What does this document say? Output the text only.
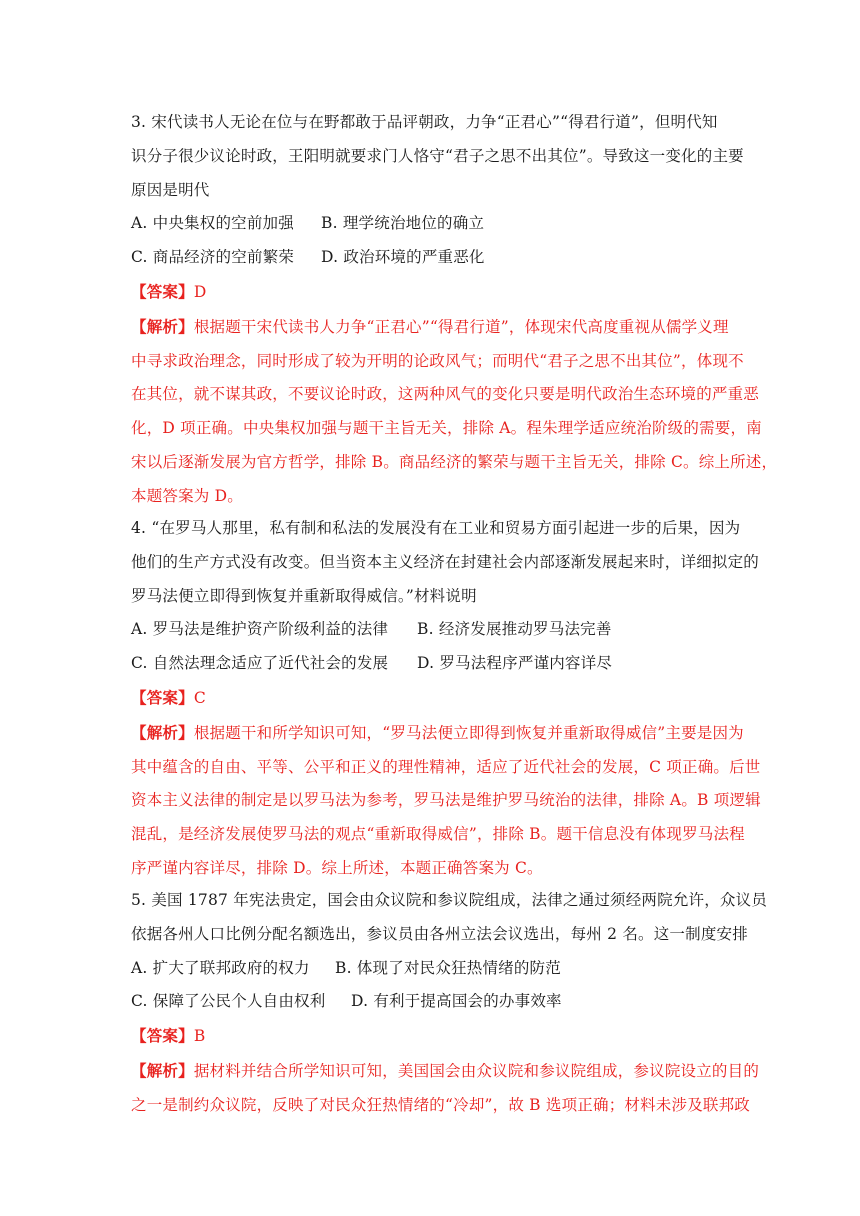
3. 宋代读书人无论在位与在野都敢于品评朝政，力争“正君心”“得君行道”，但明代知
识分子很少议论时政，王阳明就要求门人恪守“君子之思不出其位”。导致这一变化的主要
原因是明代
A. 中央集权的空前加强 B. 理学统治地位的确立
C. 商品经济的空前繁荣 D. 政治环境的严重恶化
【答案】D
【解析】根据题干宋代读书人力争“正君心”“得君行道”，体现宋代高度重视从儒学义理
中寻求政治理念，同时形成了较为开明的论政风气；而明代“君子之思不出其位”，体现不
在其位，就不谋其政，不要议论时政，这两种风气的变化只要是明代政治生态环境的严重恶
化，D 项正确。中央集权加强与题干主旨无关，排除 A。程朱理学适应统治阶级的需要，南
宋以后逐渐发展为官方哲学，排除 B。商品经济的繁荣与题干主旨无关，排除 C。综上所述，
本题答案为 D。
4. “在罗马人那里，私有制和私法的发展没有在工业和贸易方面引起进一步的后果，因为
他们的生产方式没有改变。但当资本主义经济在封建社会内部逐渐发展起来时，详细拟定的
罗马法便立即得到恢复并重新取得威信。”材料说明
A. 罗马法是维护资产阶级利益的法律 B. 经济发展推动罗马法完善
C. 自然法理念适应了近代社会的发展 D. 罗马法程序严谨内容详尽
【答案】C
【解析】根据题干和所学知识可知，“罗马法便立即得到恢复并重新取得威信”主要是因为
其中蕴含的自由、平等、公平和正义的理性精神，适应了近代社会的发展，C 项正确。后世
资本主义法律的制定是以罗马法为参考，罗马法是维护罗马统治的法律，排除 A。B 项逻辑
混乱，是经济发展使罗马法的观点“重新取得威信”，排除 B。题干信息没有体现罗马法程
序严谨内容详尽，排除 D。综上所述，本题正确答案为 C。
5. 美国 1787 年宪法贵定，国会由众议院和参议院组成，法律之通过须经两院允许，众议员
依据各州人口比例分配名额选出，参议员由各州立法会议选出，每州 2 名。这一制度安排
A. 扩大了联邦政府的权力 B. 体现了对民众狂热情绪的防范
C. 保障了公民个人自由权利 D. 有利于提高国会的办事效率
【答案】B
【解析】据材料并结合所学知识可知，美国国会由众议院和参议院组成，参议院设立的目的
之一是制约众议院，反映了对民众狂热情绪的“冷却”，故 B 选项正确；材料未涉及联邦政
